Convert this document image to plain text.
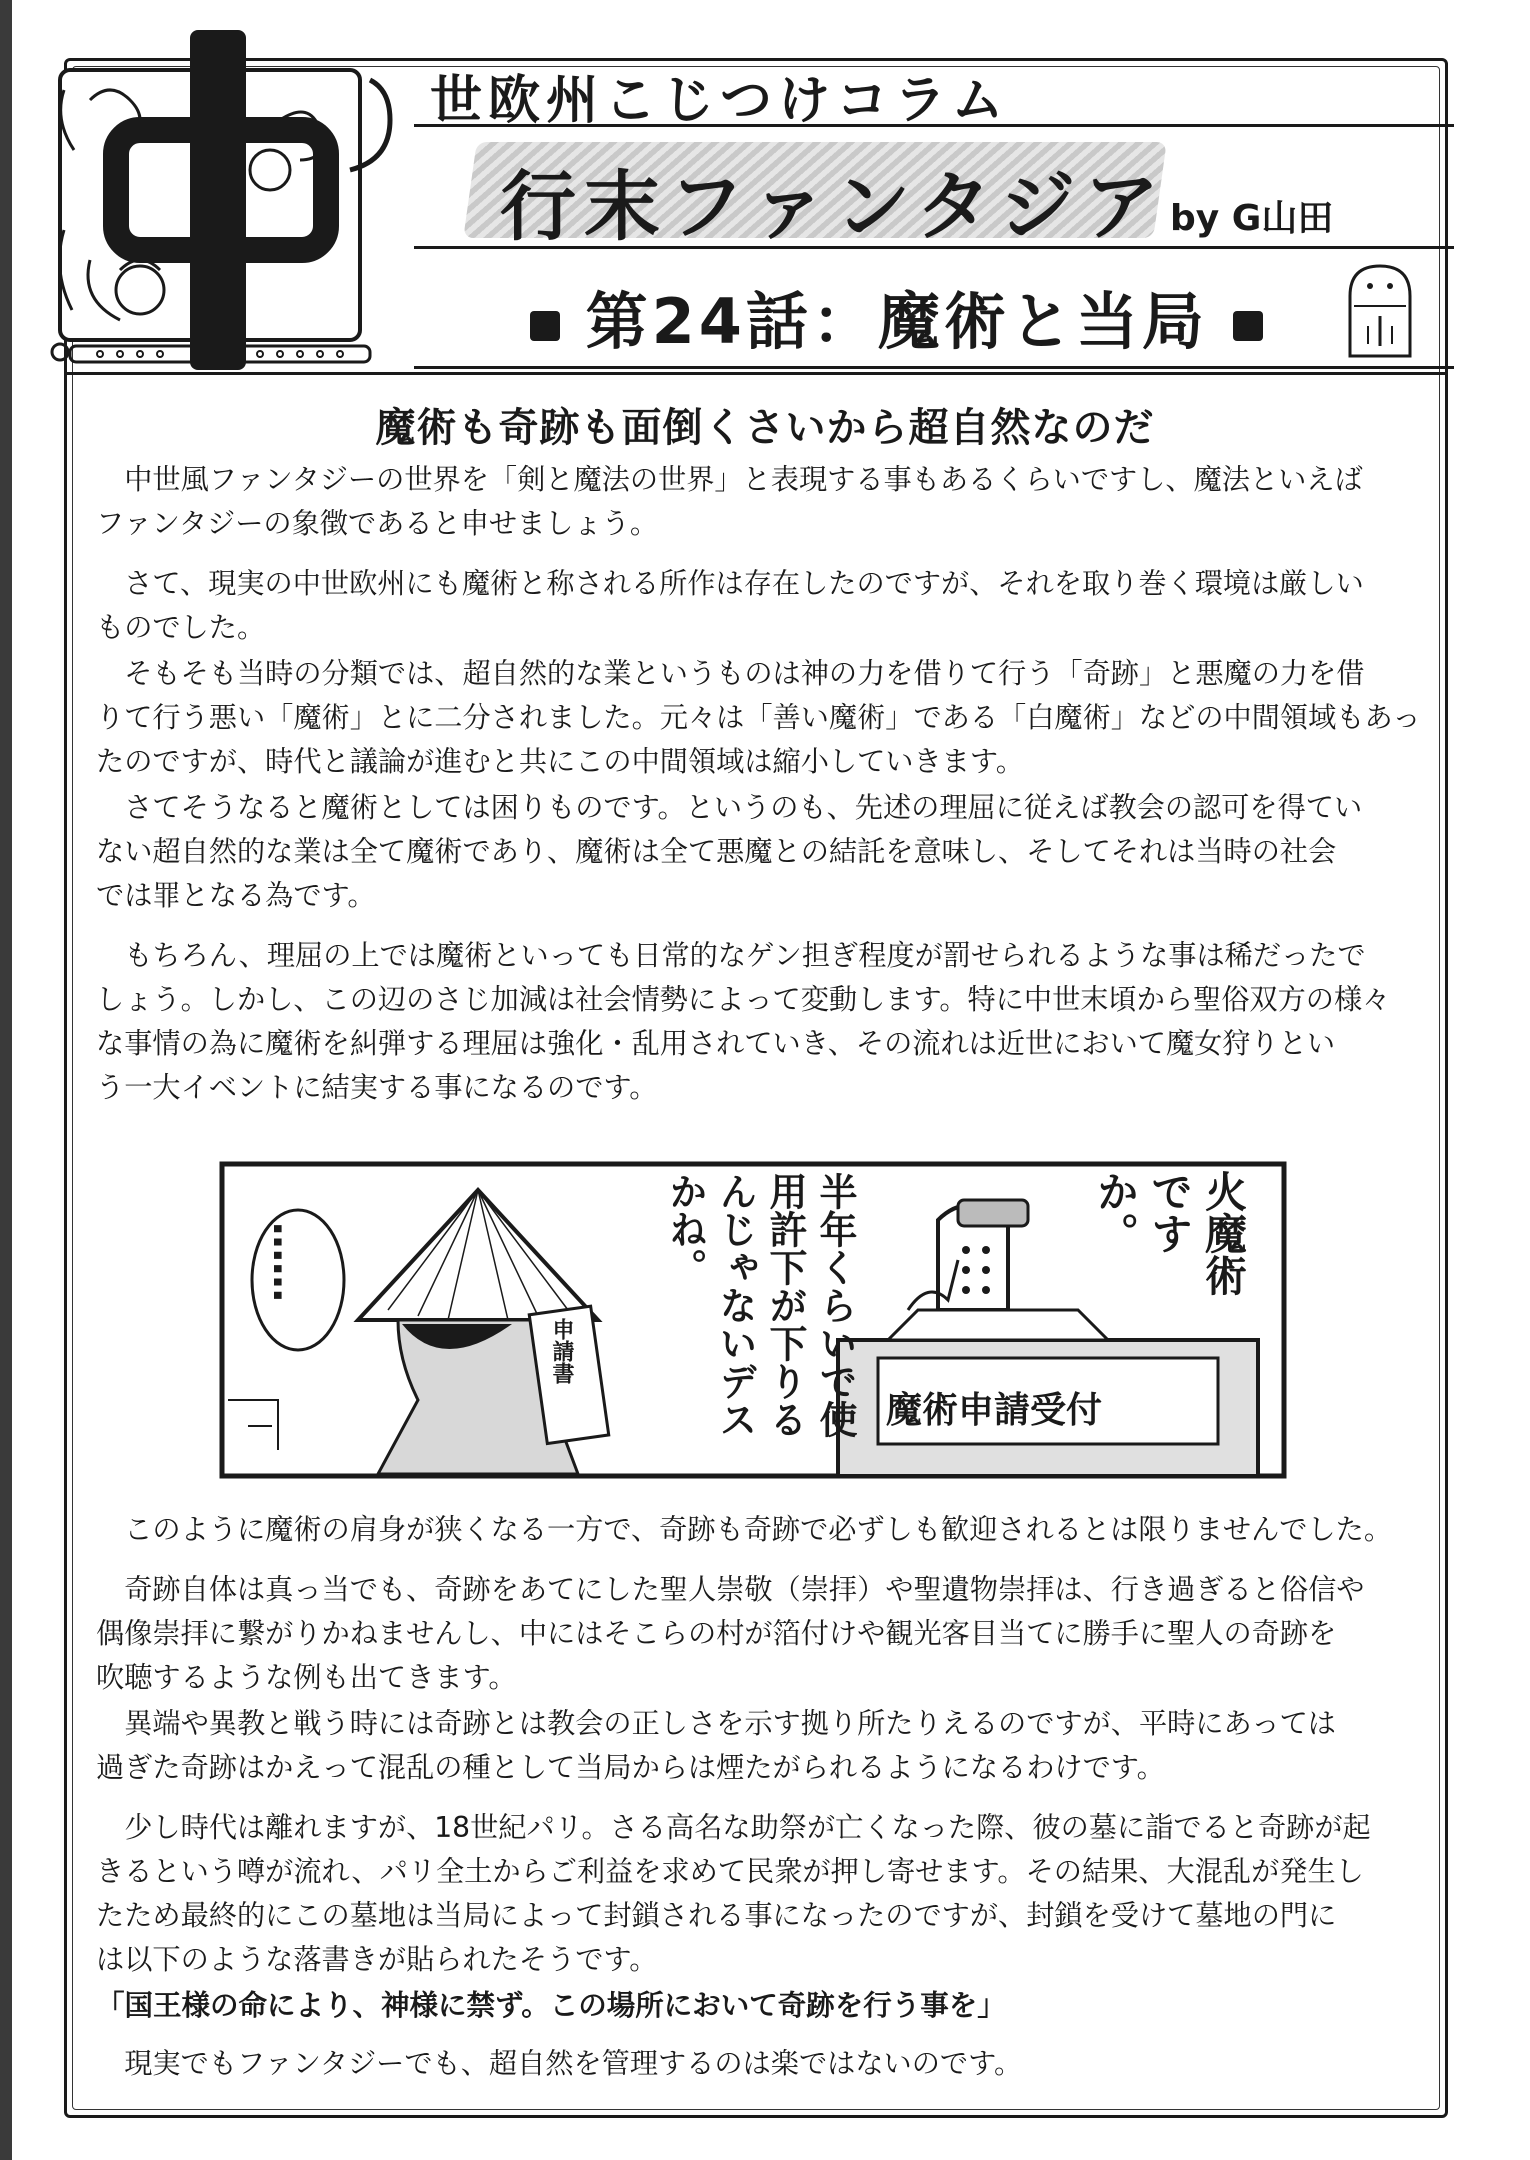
世欧州こじつけコラム
行末ファンタジア by G山田
第24話：魔術と当局
魔術も奇跡も面倒くさいから超自然なのだ
　中世風ファンタジーの世界を「剣と魔法の世界」と表現する事もあるくらいですし、魔法といえば
ファンタジーの象徴であると申せましょう。
　さて、現実の中世欧州にも魔術と称される所作は存在したのですが、それを取り巻く環境は厳しい
ものでした。
　そもそも当時の分類では、超自然的な業というものは神の力を借りて行う「奇跡」と悪魔の力を借
りて行う悪い「魔術」とに二分されました。元々は「善い魔術」である「白魔術」などの中間領域もあっ
たのですが、時代と議論が進むと共にこの中間領域は縮小していきます。
　さてそうなると魔術としては困りものです。というのも、先述の理屈に従えば教会の認可を得てい
ない超自然的な業は全て魔術であり、魔術は全て悪魔との結託を意味し、そしてそれは当時の社会
では罪となる為です。
　もちろん、理屈の上では魔術といっても日常的なゲン担ぎ程度が罰せられるような事は稀だったで
しょう。しかし、この辺のさじ加減は社会情勢によって変動します。特に中世末頃から聖俗双方の様々
な事情の為に魔術を糾弾する理屈は強化・乱用されていき、その流れは近世において魔女狩りとい
う一大イベントに結実する事になるのです。
……
申請書	半年くらいで使用許下が下りるんじゃないデスかね。	火魔術ですか。
魔術申請受付
　このように魔術の肩身が狭くなる一方で、奇跡も奇跡で必ずしも歓迎されるとは限りませんでした。
　奇跡自体は真っ当でも、奇跡をあてにした聖人崇敬（崇拝）や聖遺物崇拝は、行き過ぎると俗信や
偶像崇拝に繋がりかねませんし、中にはそこらの村が箔付けや観光客目当てに勝手に聖人の奇跡を
吹聴するような例も出てきます。
　異端や異教と戦う時には奇跡とは教会の正しさを示す拠り所たりえるのですが、平時にあっては
過ぎた奇跡はかえって混乱の種として当局からは煙たがられるようになるわけです。
　少し時代は離れますが、18世紀パリ。さる高名な助祭が亡くなった際、彼の墓に詣でると奇跡が起
きるという噂が流れ、パリ全土からご利益を求めて民衆が押し寄せます。その結果、大混乱が発生し
たため最終的にこの墓地は当局によって封鎖される事になったのですが、封鎖を受けて墓地の門に
は以下のような落書きが貼られたそうです。
「国王様の命により、神様に禁ず。この場所において奇跡を行う事を」
　現実でもファンタジーでも、超自然を管理するのは楽ではないのです。
